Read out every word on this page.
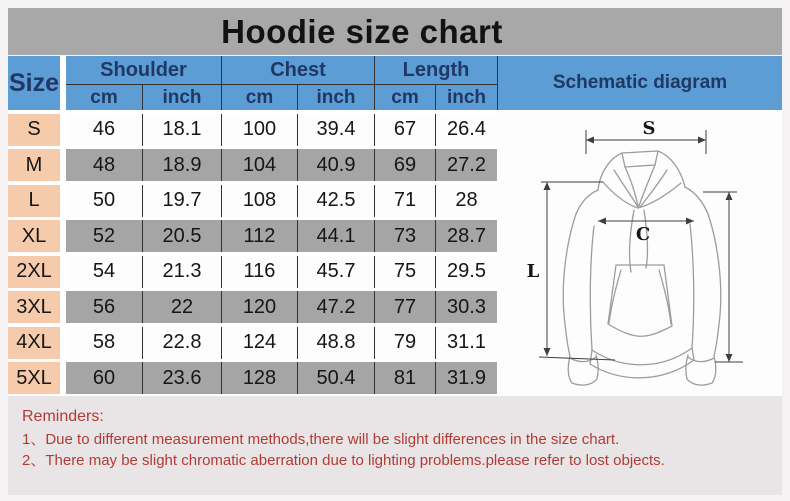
Hoodie size chart
Size	Shoulder	Chest	Length
cm	inch	cm	inch	cm	inch
Schematic diagram
S	46	18.1	100	39.4	67	26.4
M	48	18.9	104	40.9	69	27.2
L	50	19.7	108	42.5	71	28
XL	52	20.5	112	44.1	73	28.7
2XL	54	21.3	116	45.7	75	29.5
3XL	56	22	120	47.2	77	30.3
4XL	58	22.8	124	48.8	79	31.1
5XL	60	23.6	128	50.4	81	31.9
S
C
L
Reminders:
1、Due to different measurement methods,there will be slight differences in the size chart.
2、There may be slight chromatic aberration due to lighting problems.please refer to lost objects.
